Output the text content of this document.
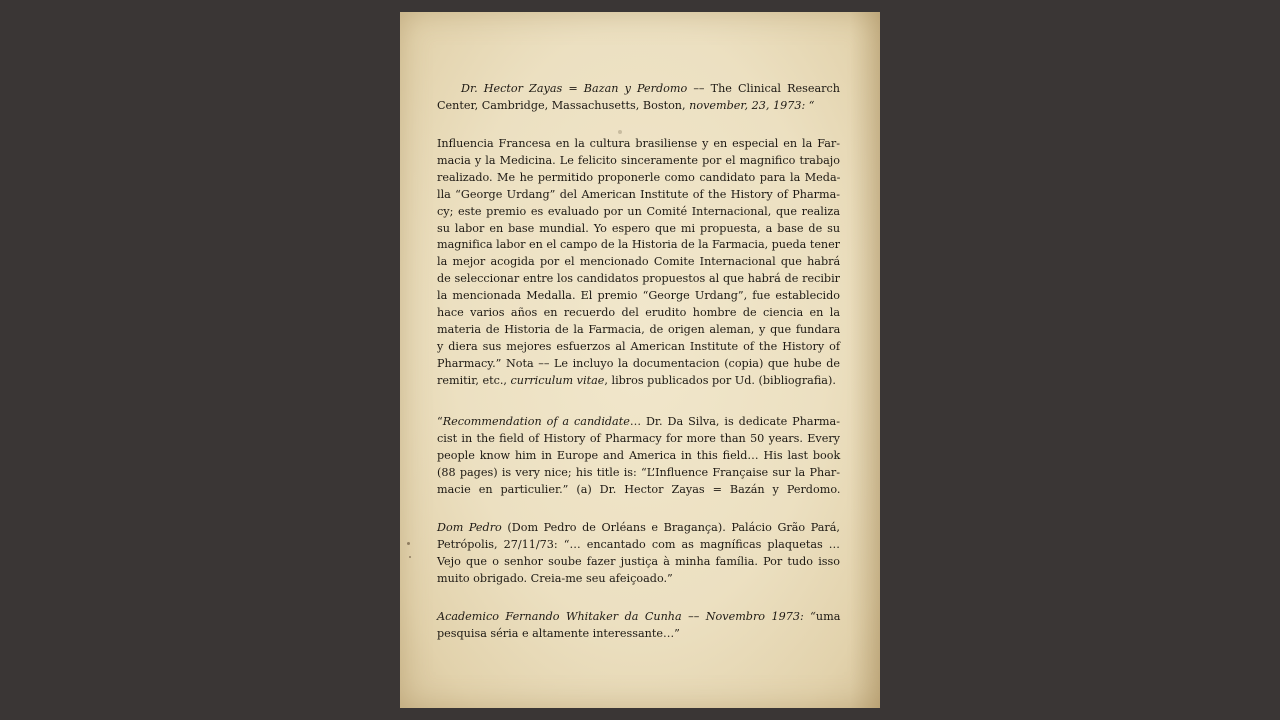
Dr. Hector Zayas = Bazan y Perdomo –– The Clinical Research
Center, Cambridge, Massachusetts, Boston, november, 23, 1973: “
Influencia Francesa en la cultura brasiliense y en especial en la Far-
macia y la Medicina. Le felicito sinceramente por el magnifico trabajo
realizado. Me he permitido proponerle como candidato para la Meda-
lla “George Urdang” del American Institute of the History of Pharma-
cy; este premio es evaluado por un Comité Internacional, que realiza
su labor en base mundial. Yo espero que mi propuesta, a base de su
magnifica labor en el campo de la Historia de la Farmacia, pueda tener
la mejor acogida por el mencionado Comite Internacional que habrá
de seleccionar entre los candidatos propuestos al que habrá de recibir
la mencionada Medalla. El premio “George Urdang”, fue establecido
hace varios años en recuerdo del erudito hombre de ciencia en la
materia de Historia de la Farmacia, de origen aleman, y que fundara
y diera sus mejores esfuerzos al American Institute of the History of
Pharmacy.” Nota –– Le incluyo la documentacion (copia) que hube de
remitir, etc., curriculum vitae, libros publicados por Ud. (bibliografia).
“Recommendation of a candidate… Dr. Da Silva, is dedicate Pharma-
cist in the field of History of Pharmacy for more than 50 years. Every
people know him in Europe and America in this field… His last book
(88 pages) is very nice; his title is: “L’Influence Française sur la Phar-
macie en particulier.” (a) Dr. Hector Zayas = Bazán y Perdomo.
Dom Pedro (Dom Pedro de Orléans e Bragança). Palácio Grão Pará,
Petrópolis, 27/11/73: “… encantado com as magníficas plaquetas …
Vejo que o senhor soube fazer justiça à minha família. Por tudo isso
muito obrigado. Creia-me seu afeiçoado.”
Academico Fernando Whitaker da Cunha –– Novembro 1973: “uma
pesquisa séria e altamente interessante…”
